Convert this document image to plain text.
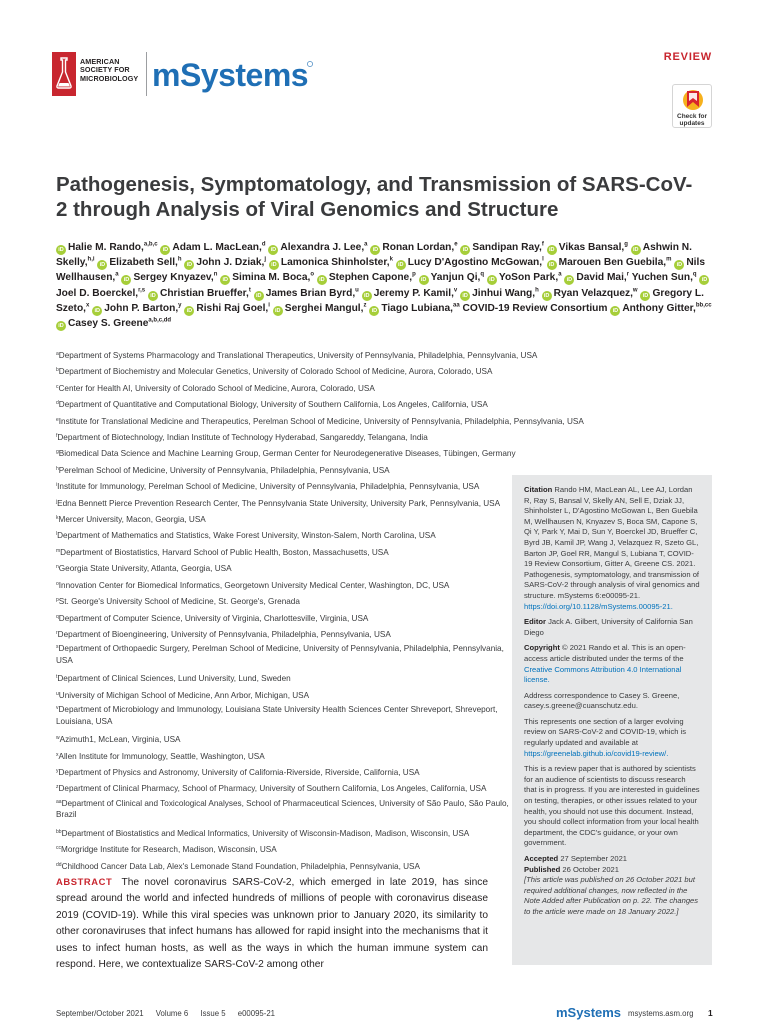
AMERICAN
SOCIETY FOR
MICROBIOLOGY mSystems	REVIEW
Check for
updates
Pathogenesis, Symptomatology, and Transmission of SARS-CoV-2 through Analysis of Viral Genomics and Structure
iD Halie M. Rando,$^{a,b,c}$ iD Adam L. MacLean,$^d$ iD Alexandra J. Lee,$^a$ iD Ronan Lordan,$^e$ iD Sandipan Ray,$^f$ iD Vikas Bansal,$^g$ iD Ashwin N. Skelly,$^{h,i}$ iD Elizabeth Sell,$^h$ iD John J. Dziak,$^j$ iD Lamonica Shinholster,$^k$ iD Lucy D'Agostino McGowan,$^l$ iD Marouen Ben Guebila,$^m$ iD Nils Wellhausen,$^a$ iD Sergey Knyazev,$^n$ iD Simina M. Boca,$^o$ iD Stephen Capone,$^p$ iD Yanjun Qi,$^q$ iD YoSon Park,$^a$ iD David Mai,$^r$ Yuchen Sun,$^q$ iDJoel D. Boerckel,$^{r,s}$ iD Christian Brueffer,$^t$ iD James Brian Byrd,$^u$ iD Jeremy P. Kamil,$^v$ iD Jinhui Wang,$^h$ iD Ryan Velazquez,$^w$ iD Gregory L. Szeto,$^x$ iD John P. Barton,$^y$ iD Rishi Raj Goel,$^i$ iD Serghei Mangul,$^z$ iD Tiago Lubiana,$^{aa}$ COVID-19 Review Consortium iD Anthony Gitter,$^{bb,cc}$ iD Casey S. Greene$^{a,b,c,dd}$
$^a$Department of Systems Pharmacology and Translational Therapeutics, University of Pennsylvania, Philadelphia, Pennsylvania, USA
$^b$Department of Biochemistry and Molecular Genetics, University of Colorado School of Medicine, Aurora, Colorado, USA
$^c$Center for Health AI, University of Colorado School of Medicine, Aurora, Colorado, USA
$^d$Department of Quantitative and Computational Biology, University of Southern California, Los Angeles, California, USA
$^e$Institute for Translational Medicine and Therapeutics, Perelman School of Medicine, University of Pennsylvania, Philadelphia, Pennsylvania, USA
$^f$Department of Biotechnology, Indian Institute of Technology Hyderabad, Sangareddy, Telangana, India
$^g$Biomedical Data Science and Machine Learning Group, German Center for Neurodegenerative Diseases, Tübingen, Germany
$^h$Perelman School of Medicine, University of Pennsylvania, Philadelphia, Pennsylvania, USA
$^i$Institute for Immunology, Perelman School of Medicine, University of Pennsylvania, Philadelphia, Pennsylvania, USA
$^j$Edna Bennett Pierce Prevention Research Center, The Pennsylvania State University, University Park, Pennsylvania, USA
$^k$Mercer University, Macon, Georgia, USA
$^l$Department of Mathematics and Statistics, Wake Forest University, Winston-Salem, North Carolina, USA
$^m$Department of Biostatistics, Harvard School of Public Health, Boston, Massachusetts, USA
$^n$Georgia State University, Atlanta, Georgia, USA
$^o$Innovation Center for Biomedical Informatics, Georgetown University Medical Center, Washington, DC, USA
$^p$St. George's University School of Medicine, St. George's, Grenada
$^q$Department of Computer Science, University of Virginia, Charlottesville, Virginia, USA
$^r$Department of Bioengineering, University of Pennsylvania, Philadelphia, Pennsylvania, USA
$^s$Department of Orthopaedic Surgery, Perelman School of Medicine, University of Pennsylvania, Philadelphia, Pennsylvania, USA
$^t$Department of Clinical Sciences, Lund University, Lund, Sweden
$^u$University of Michigan School of Medicine, Ann Arbor, Michigan, USA
$^v$Department of Microbiology and Immunology, Louisiana State University Health Sciences Center Shreveport, Shreveport, Louisiana, USA
$^w$Azimuth1, McLean, Virginia, USA
$^x$Allen Institute for Immunology, Seattle, Washington, USA
$^y$Department of Physics and Astronomy, University of California-Riverside, Riverside, California, USA
$^z$Department of Clinical Pharmacy, School of Pharmacy, University of Southern California, Los Angeles, California, USA
$^{aa}$Department of Clinical and Toxicological Analyses, School of Pharmaceutical Sciences, University of São Paulo, São Paulo, Brazil
$^{bb}$Department of Biostatistics and Medical Informatics, University of Wisconsin-Madison, Madison, Wisconsin, USA
$^{cc}$Morgridge Institute for Research, Madison, Wisconsin, USA
$^{dd}$Childhood Cancer Data Lab, Alex's Lemonade Stand Foundation, Philadelphia, Pennsylvania, USA

Citation Rando HM, MacLean AL, Lee AJ, Lordan R, Ray S, Bansal V, Skelly AN, Sell E, Dziak JJ, Shinholster L, D'Agostino McGowan L, Ben Guebila M, Wellhausen N, Knyazev S, Boca SM, Capone S, Qi Y, Park Y, Mai D, Sun Y, Boerckel JD, Brueffer C, Byrd JB, Kamil JP, Wang J, Velazquez R, Szeto GL, Barton JP, Goel RR, Mangul S, Lubiana T, COVID-19 Review Consortium, Gitter A, Greene CS. 2021. Pathogenesis, symptomatology, and transmission of SARS-CoV-2 through analysis of viral genomics and structure. mSystems 6:e00095-21. https://doi.org/10.1128/mSystems.00095-21.

Editor Jack A. Gilbert, University of California San Diego

Copyright © 2021 Rando et al. This is an open-access article distributed under the terms of the Creative Commons Attribution 4.0 International license.

Address correspondence to Casey S. Greene, casey.s.greene@cuanschutz.edu.

This represents one section of a larger evolving review on SARS-CoV-2 and COVID-19, which is regularly updated and available at https://greenelab.github.io/covid19-review/.

This is a review paper that is authored by scientists for an audience of scientists to discuss research that is in progress. If you are interested in guidelines on testing, therapies, or other issues related to your health, you should not use this document. Instead, you should collect information from your local health department, the CDC's guidance, or your own government.

Accepted 27 September 2021
Published 26 October 2021

[This article was published on 26 October 2021 but required additional changes, now reflected in the Note Added after Publication on p. 22. The changes to the article were made on 18 January 2022.]

ABSTRACT The novel coronavirus SARS-CoV-2, which emerged in late 2019, has since spread around the world and infected hundreds of millions of people with coronavirus disease 2019 (COVID-19). While this viral species was unknown prior to January 2020, its similarity to other coronaviruses that infect humans has allowed for rapid insight into the mechanisms that it uses to infect human hosts, as well as the ways in which the human immune system can respond. Here, we contextualize SARS-CoV-2 among other
September/October 2021 Volume 6 Issue 5 e00095-21	mSystems msystems.asm.org 1
